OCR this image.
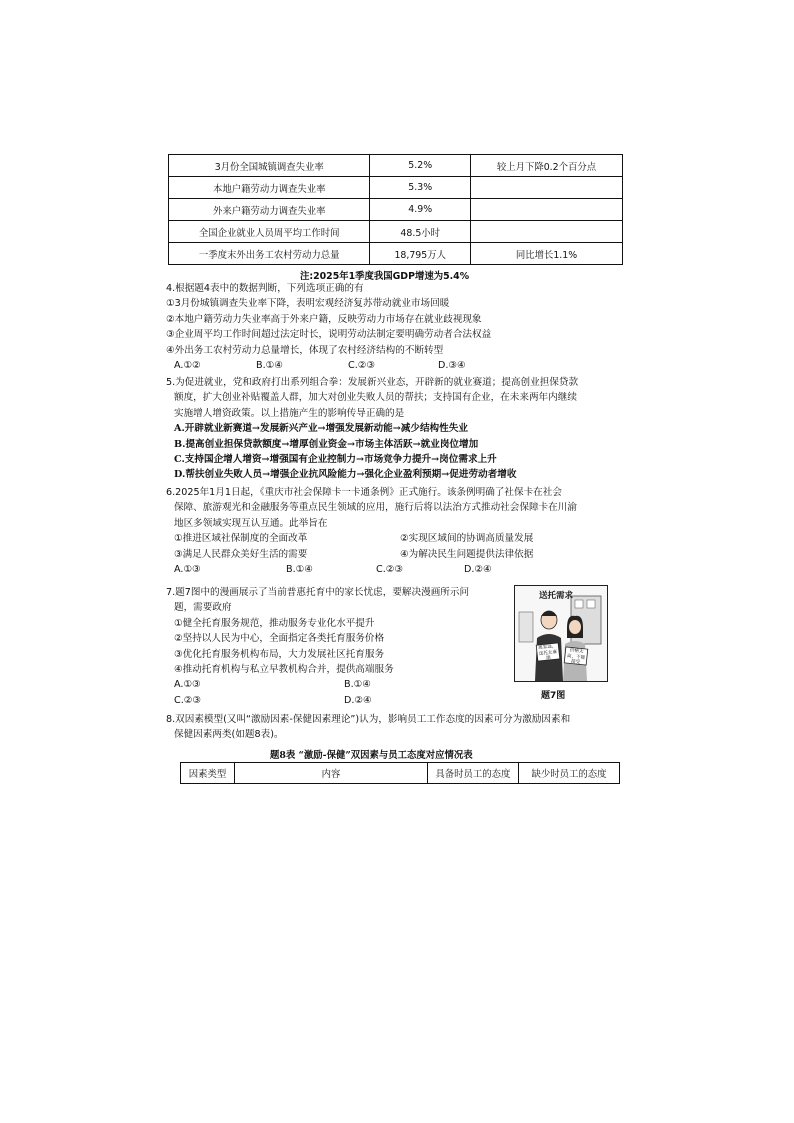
3月份全国城镇调查失业率	5.2%	较上月下降0.2个百分点
本地户籍劳动力调查失业率	5.3%	
外来户籍劳动力调查失业率	4.9%	
全国企业就业人员周平均工作时间	48.5小时	
一季度末外出务工农村劳动力总量	18,795万人	同比增长1.1%
注:2025年1季度我国GDP增速为5.4%
4.根据题4表中的数据判断，下列选项正确的有
①3月份城镇调查失业率下降，表明宏观经济复苏带动就业市场回暖
②本地户籍劳动力失业率高于外来户籍，反映劳动力市场存在就业歧视现象
③企业周平均工作时间超过法定时长，说明劳动法制定要明确劳动者合法权益
④外出务工农村劳动力总量增长，体现了农村经济结构的不断转型
A.①②	B.①④	C.②③	D.③④
5.为促进就业，党和政府打出系列组合拳：发展新兴业态，开辟新的就业赛道；提高创业担保贷款
额度，扩大创业补贴覆盖人群，加大对创业失败人员的帮扶；支持国有企业，在未来两年内继续
实施增人增资政策。以上措施产生的影响传导正确的是
A.开辟就业新赛道→发展新兴产业→增强发展新动能→减少结构性失业
B.提高创业担保贷款额度→增厚创业资金→市场主体活跃→就业岗位增加
C.支持国企增人增资→增强国有企业控制力→市场竞争力提升→岗位需求上升
D.帮扶创业失败人员→增强企业抗风险能力→强化企业盈利预期→促进劳动者增收
6.2025年1月1日起，《重庆市社会保障卡一卡通条例》正式施行。该条例明确了社保卡在社会
保障、旅游观光和金融服务等重点民生领域的应用，施行后将以法治方式推动社会保障卡在川渝
地区多领域实现互认互通。此举旨在
①推进区域社保制度的全面改革	②实现区域间的协调高质量发展
③满足人民群众美好生活的需要	④为解决民生问题提供法律依据
A.①③	B.①④	C.②③	D.②④
7.题7图中的漫画展示了当前普惠托育中的家长忧虑，要解决漫画所示问
题，需要政府
①健全托育服务规范，推动服务专业化水平提升
②坚持以人民为中心，全面指定各类托育服务价格
③优化托育服务机构布局，大力发展社区托育服务
④推动托育机构与私立早教机构合并，提供高端服务
A.①③	B.①④
C.②③	D.②④
送托需求
离家远，送托太麻烦
价格太高，不能接受
题7图
8.双因素模型(又叫“激励因素-保健因素理论”)认为，影响员工工作态度的因素可分为激励因素和
保健因素两类(如题8表)。
题8表 “激励-保健”双因素与员工态度对应情况表
因素类型	内容	具备时员工的态度	缺少时员工的态度
